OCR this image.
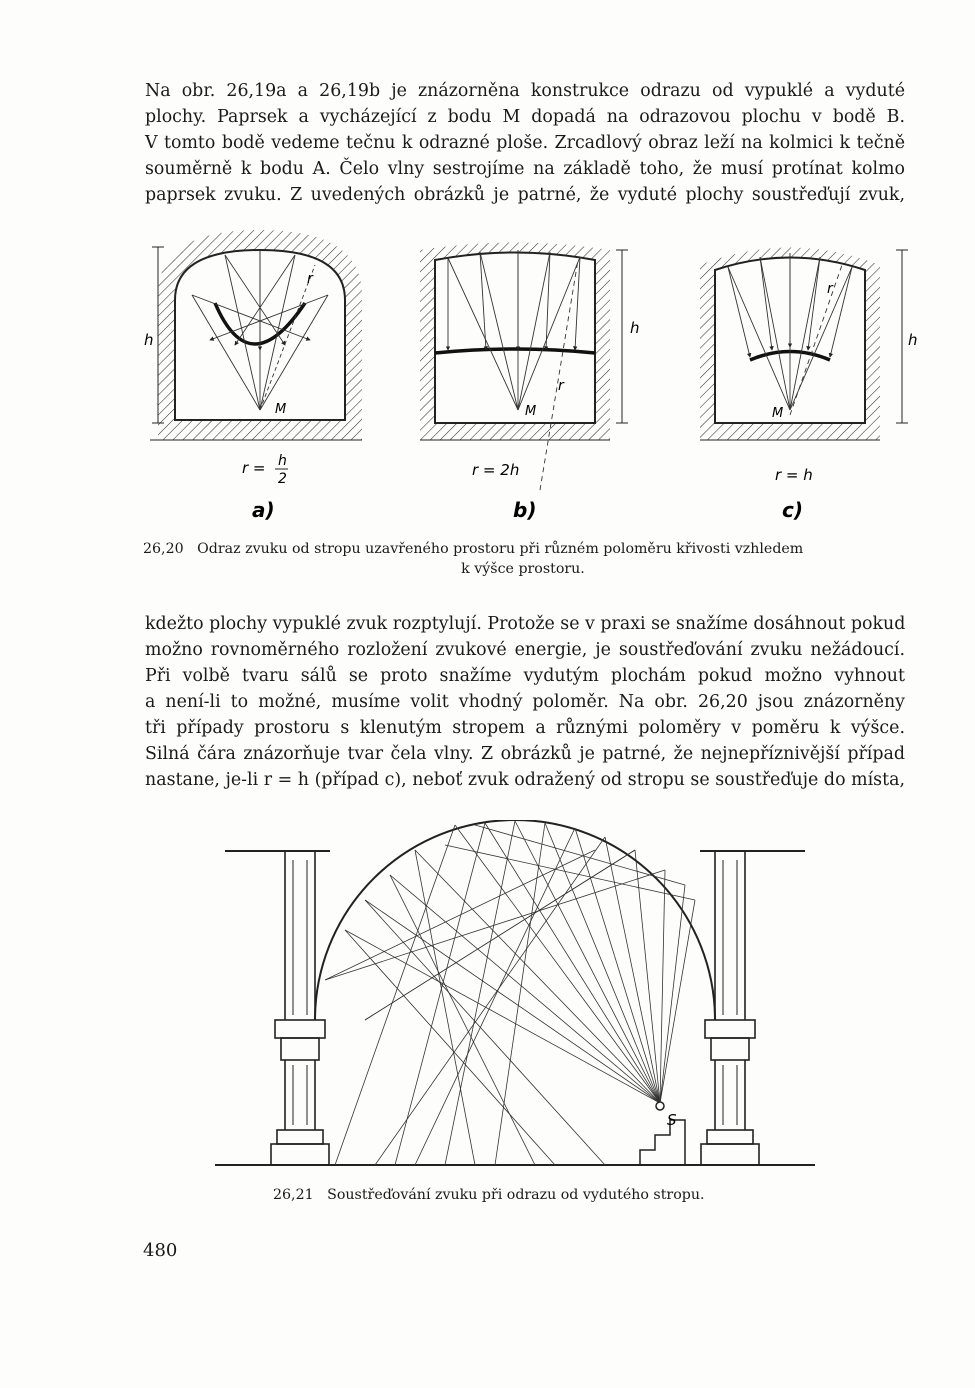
Na obr. 26,19a a 26,19b je znázorněna konstrukce odrazu od vypuklé a vyduté
plochy. Paprsek a vycházející z bodu M dopadá na odrazovou plochu v bodě B.
V tomto bodě vedeme tečnu k odrazné ploše. Zrcadlový obraz leží na kolmici k tečně
souměrně k bodu A. Čelo vlny sestrojíme na základě toho, že musí protínat kolmo
paprsek zvuku. Z uvedených obrázků je patrné, že vyduté plochy soustřeďují zvuk,
h
r
M
r = h
2
a)
h
r
M
r = 2h
b)
h
r
M
r = h
c)

26,20 Odraz zvuku od stropu uzavřeného prostoru při různém poloměru křivosti vzhledem

k výšce prostoru.

kdežto plochy vypuklé zvuk rozptylují. Protože se v praxi se snažíme dosáhnout pokud
možno rovnoměrného rozložení zvukové energie, je soustřeďování zvuku nežádoucí.
Při volbě tvaru sálů se proto snažíme vydutým plochám pokud možno vyhnout
a není-li to možné, musíme volit vhodný poloměr. Na obr. 26,20 jsou znázorněny
tři případy prostoru s klenutým stropem a různými poloměry v poměru k výšce.
Silná čára znázorňuje tvar čela vlny. Z obrázků je patrné, že nejnepříznivější případ
nastane, je-li r = h (případ c), neboť zvuk odražený od stropu se soustřeďuje do místa,
S

26,21 Soustřeďování zvuku při odrazu od vydutého stropu.

480
